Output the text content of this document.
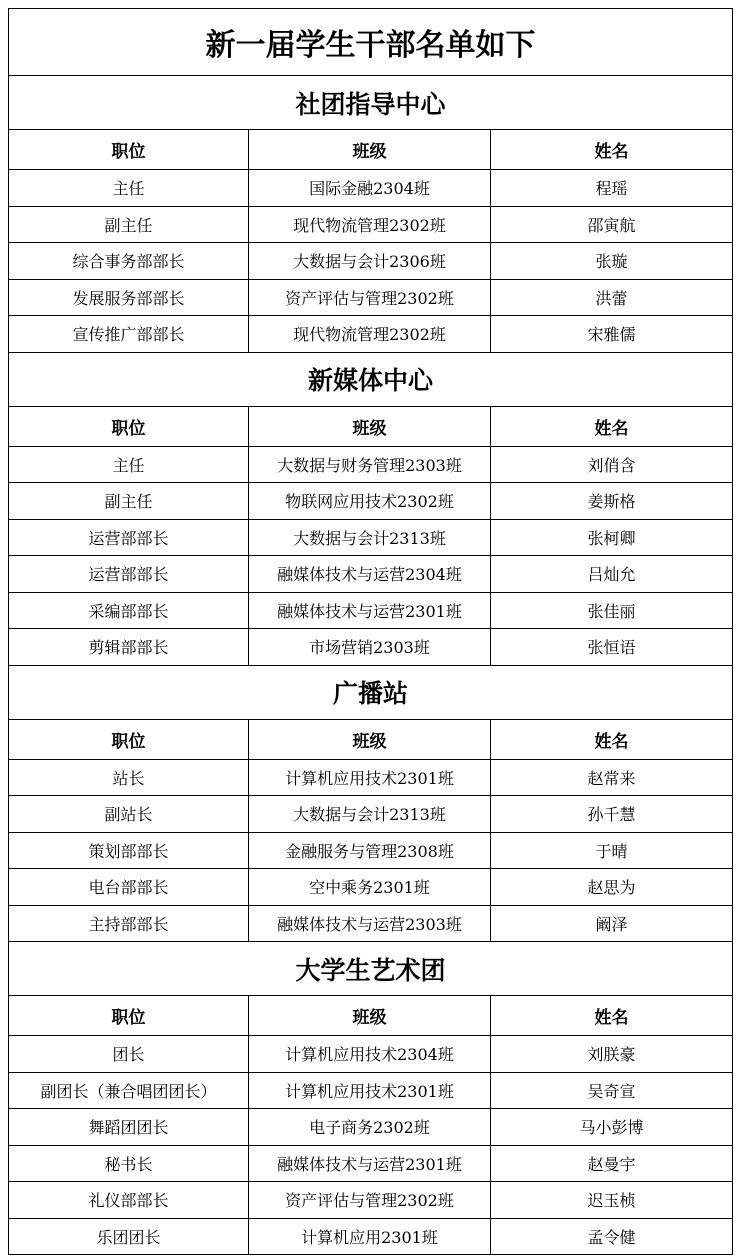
新一届学生干部名单如下		
社团指导中心		
职位	班级	姓名
主任	国际金融2304班	程瑶
副主任	现代物流管理2302班	邵寅航
综合事务部部长	大数据与会计2306班	张璇
发展服务部部长	资产评估与管理2302班	洪蕾
宣传推广部部长	现代物流管理2302班	宋雅儒
新媒体中心		
职位	班级	姓名
主任	大数据与财务管理2303班	刘俏含
副主任	物联网应用技术2302班	姜斯格
运营部部长	大数据与会计2313班	张柯卿
运营部部长	融媒体技术与运营2304班	吕灿允
采编部部长	融媒体技术与运营2301班	张佳丽
剪辑部部长	市场营销2303班	张恒语
广播站		
职位	班级	姓名
站长	计算机应用技术2301班	赵常来
副站长	大数据与会计2313班	孙千慧
策划部部长	金融服务与管理2308班	于晴
电台部部长	空中乘务2301班	赵思为
主持部部长	融媒体技术与运营2303班	阚泽
大学生艺术团		
职位	班级	姓名
团长	计算机应用技术2304班	刘朕豪
副团长（兼合唱团团长）	计算机应用技术2301班	吴奇宣
舞蹈团团长	电子商务2302班	马小彭博
秘书长	融媒体技术与运营2301班	赵曼宇
礼仪部部长	资产评估与管理2302班	迟玉桢
乐团团长	计算机应用2301班	孟令健
